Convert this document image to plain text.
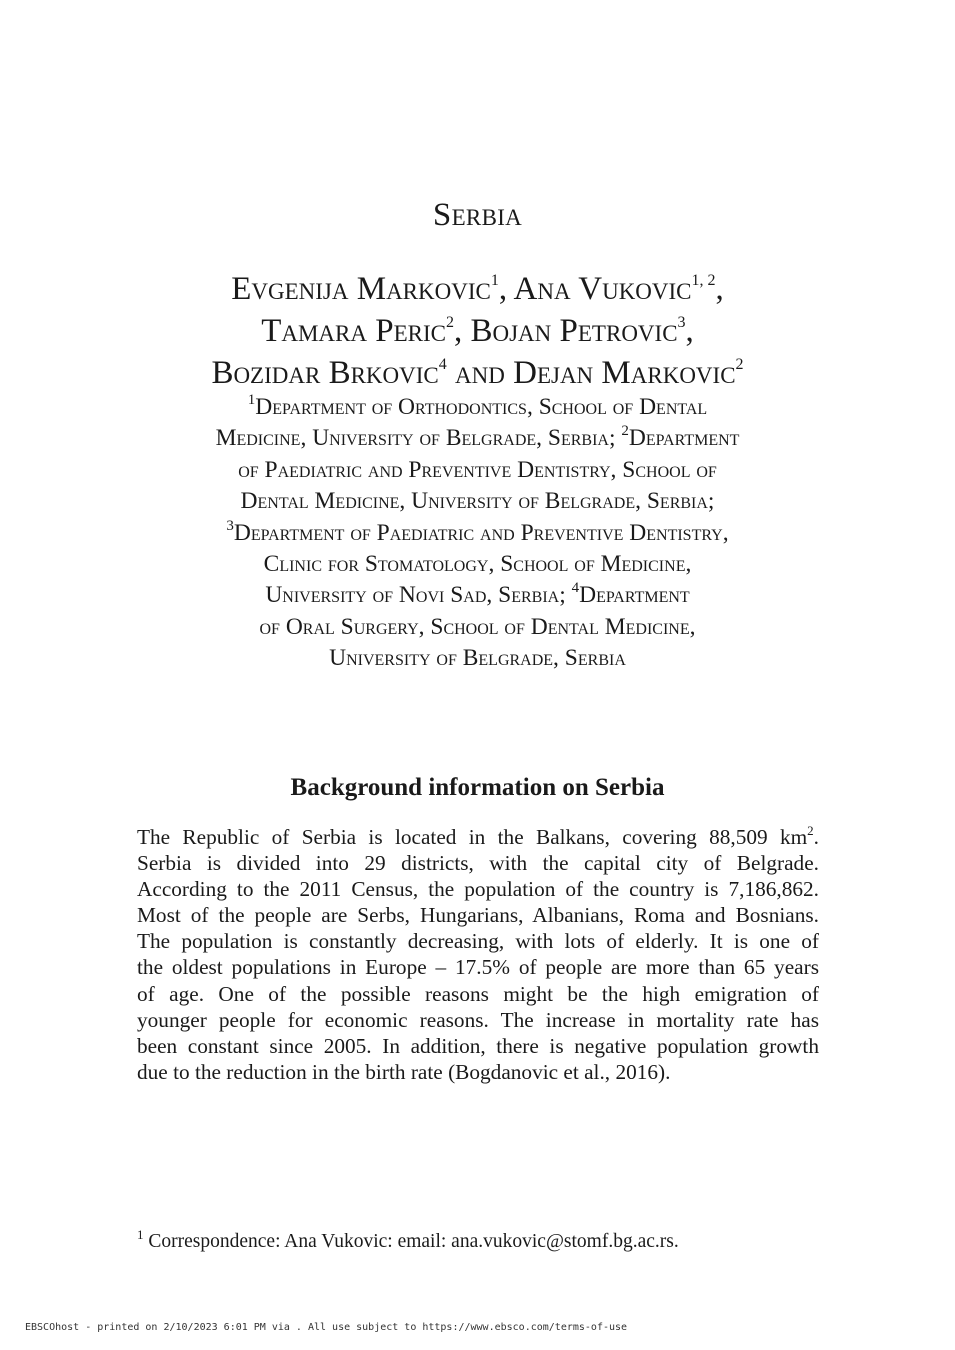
Serbia
Evgenija Markovic$^1$, Ana Vukovic$^{1, 2}$,
Tamara Peric$^2$, Bojan Petrovic$^3$,
Bozidar Brkovic$^4$ and Dejan Markovic$^2$
$^1$Department of Orthodontics, School of Dental
Medicine, University of Belgrade, Serbia; $^2$Department
of Paediatric and Preventive Dentistry, School of
Dental Medicine, University of Belgrade, Serbia;
$^3$Department of Paediatric and Preventive Dentistry,
Clinic for Stomatology, School of Medicine,
University of Novi Sad, Serbia; $^4$Department
of Oral Surgery, School of Dental Medicine,
University of Belgrade, Serbia
Background information on Serbia
The Republic of Serbia is located in the Balkans, covering 88,509 $km^2$.
Serbia is divided into 29 districts, with the capital city of Belgrade.
According to the 2011 Census, the population of the country is 7,186,862.
Most of the people are Serbs, Hungarians, Albanians, Roma and Bosnians.
The population is constantly decreasing, with lots of elderly. It is one of
the oldest populations in Europe – 17.5% of people are more than 65 years
of age. One of the possible reasons might be the high emigration of
younger people for economic reasons. The increase in mortality rate has
been constant since 2005. In addition, there is negative population growth
due to the reduction in the birth rate (Bogdanovic et al., 2016).
$^1$ Correspondence: Ana Vukovic: email: ana.vukovic@stomf.bg.ac.rs.
EBSCOhost - printed on 2/10/2023 6:01 PM via . All use subject to https://www.ebsco.com/terms-of-use
